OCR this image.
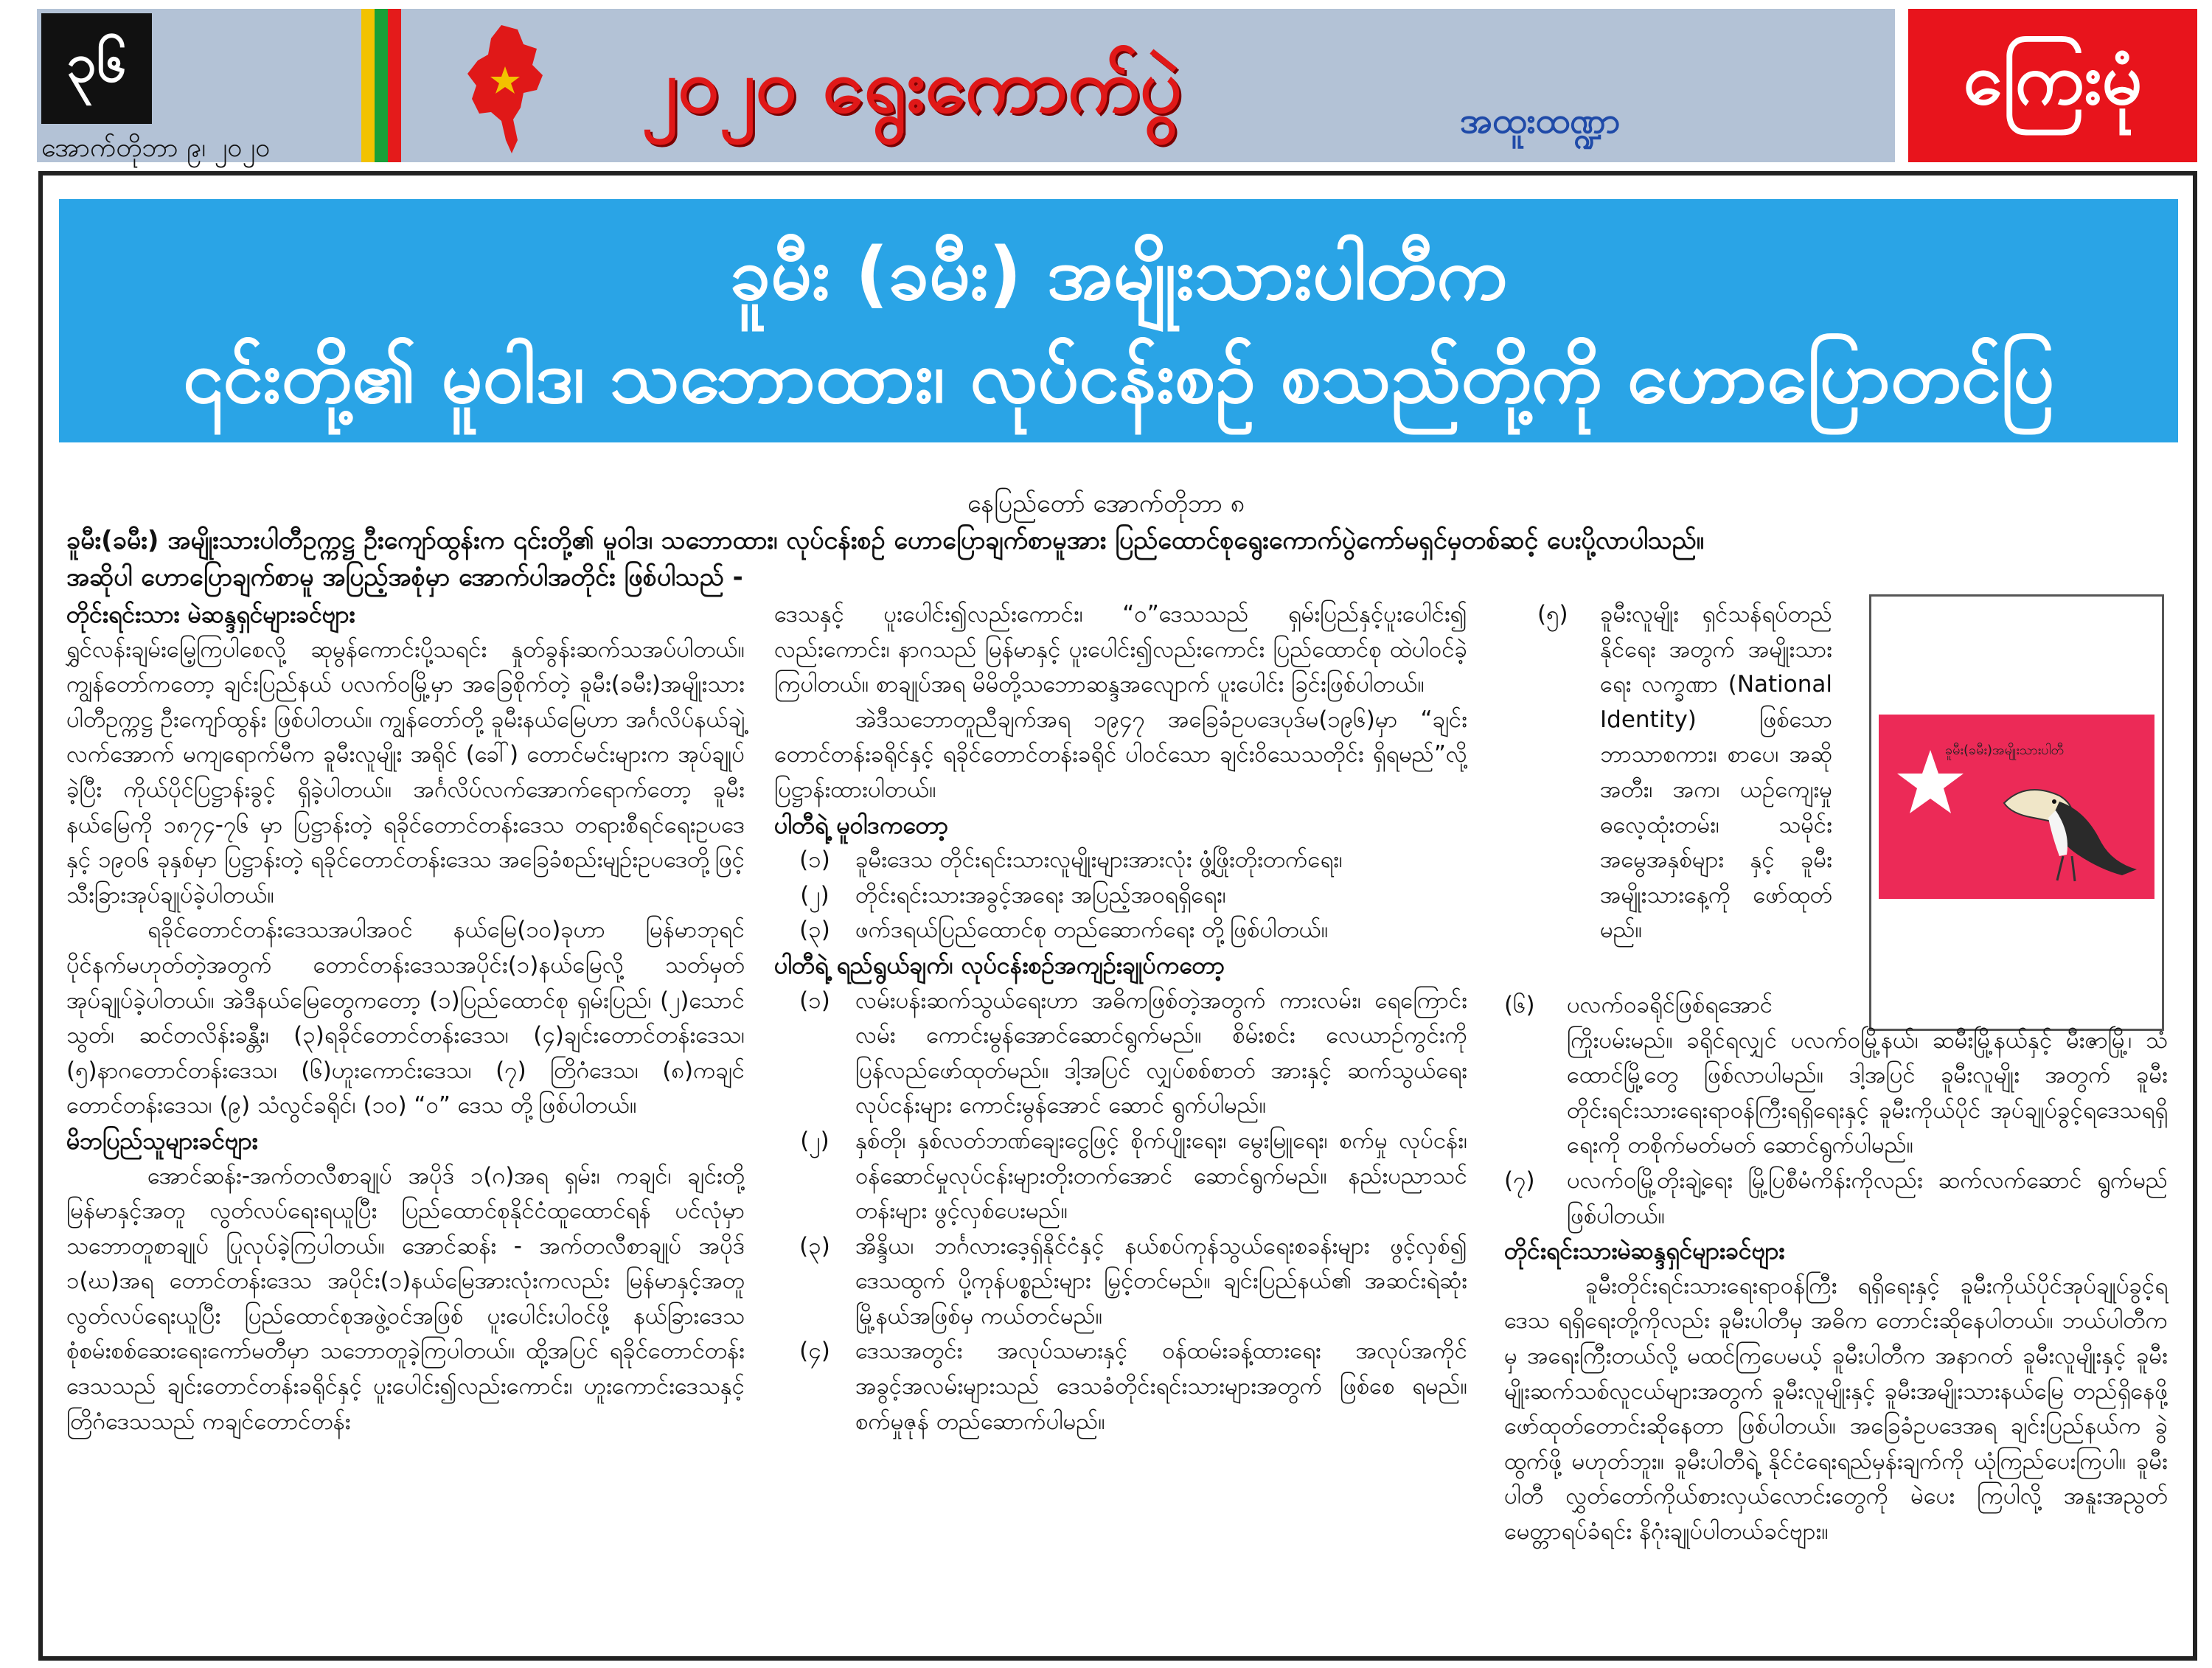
၃၆
အောက်တိုဘာ ၉၊ ၂၀၂၀
၂၀၂၀ ရွေးကောက်ပွဲ	အထူးထဏ္ဍာ
ကြေးမုံ
ခူမီး (ခမီး) အမျိုးသားပါတီက
၎င်းတို့၏ မူဝါဒ၊ သဘောထား၊ လုပ်ငန်းစဉ် စသည်တို့ကို ဟောပြောတင်ပြ
နေပြည်တော် အောက်တိုဘာ ၈
ခူမီး(ခမီး) အမျိုးသားပါတီဥက္ကဋ္ဌ ဦးကျော်ထွန်းက ၎င်းတို့၏ မူဝါဒ၊ သဘောထား၊ လုပ်ငန်းစဉ် ဟောပြောချက်စာမူအား ပြည်ထောင်စုရွေးကောက်ပွဲကော်မရှင်မှတစ်ဆင့် ပေးပို့လာပါသည်။
အဆိုပါ ဟောပြောချက်စာမူ အပြည့်အစုံမှာ အောက်ပါအတိုင်း ဖြစ်ပါသည် -
တိုင်းရင်းသား မဲဆန္ဒရှင်များခင်ဗျား

ရွှင်လန်းချမ်းမြေ့ကြပါစေလို့ ဆုမွန်ကောင်းပို့သရင်း နှုတ်ခွန်းဆက်သအပ်ပါတယ်။ ကျွန်တော်ကတော့ ချင်းပြည်နယ် ပလက်ဝမြို့မှာ အခြေစိုက်တဲ့ ခူမီး(ခမီး)အမျိုးသားပါတီဥက္ကဋ္ဌ ဦးကျော်ထွန်း ဖြစ်ပါတယ်။ ကျွန်တော်တို့ ခူမီးနယ်မြေဟာ အင်္ဂလိပ်နယ်ချဲ့လက်အောက် မကျရောက်မီက ခူမီးလူမျိုး အရိုင် (ခေါ်) တောင်မင်းများက အုပ်ချုပ်ခဲ့ပြီး ကိုယ်ပိုင်ပြဋ္ဌာန်းခွင့် ရှိခဲ့ပါတယ်။ အင်္ဂလိပ်လက်အောက်ရောက်တော့ ခူမီးနယ်မြေကို ၁၈၇၄-၇၆ မှာ ပြဋ္ဌာန်းတဲ့ ရခိုင်တောင်တန်းဒေသ တရားစီရင်ရေးဥပဒေနှင့် ၁၉၀၆ ခုနှစ်မှာ ပြဋ္ဌာန်းတဲ့ ရခိုင်တောင်တန်းဒေသ အခြေခံစည်းမျဉ်းဥပဒေတို့ဖြင့် သီးခြားအုပ်ချုပ်ခဲ့ပါတယ်။

ရခိုင်တောင်တန်းဒေသအပါအဝင် နယ်မြေ(၁၀)ခုဟာ မြန်မာဘုရင် ပိုင်နက်မဟုတ်တဲ့အတွက် တောင်တန်းဒေသအပိုင်း(၁)နယ်မြေလို့ သတ်မှတ် အုပ်ချုပ်ခဲ့ပါတယ်။ အဲဒီနယ်မြေတွေကတော့ (၁)ပြည်ထောင်စု ရှမ်းပြည်၊ (၂)သောင်သွတ်၊ ဆင်တလိန်းခန္တီး၊ (၃)ရခိုင်တောင်တန်းဒေသ၊ (၄)ချင်းတောင်တန်းဒေသ၊ (၅)နာဂတောင်တန်းဒေသ၊ (၆)ဟူးကောင်းဒေသ၊ (၇) တြိဂံဒေသ၊ (၈)ကချင်တောင်တန်းဒေသ၊ (၉) သံလွင်ခရိုင်၊ (၁၀) “ဝ” ဒေသ တို့ဖြစ်ပါတယ်။

မိဘပြည်သူများခင်ဗျား

အောင်ဆန်း-အက်တလီစာချုပ် အပိုဒ် ၁(ဂ)အရ ရှမ်း၊ ကချင်၊ ချင်းတို့ မြန်မာနှင့်အတူ လွတ်လပ်ရေးရယူပြီး ပြည်ထောင်စုနိုင်ငံထူထောင်ရန် ပင်လုံမှာ သဘောတူစာချုပ် ပြုလုပ်ခဲ့ကြပါတယ်။ အောင်ဆန်း - အက်တလီစာချုပ် အပိုဒ် ၁(ဃ)အရ တောင်တန်းဒေသ အပိုင်း(၁)နယ်မြေအားလုံးကလည်း မြန်မာနှင့်အတူ လွတ်လပ်ရေးယူပြီး ပြည်ထောင်စုအဖွဲ့ဝင်အဖြစ် ပူးပေါင်းပါဝင်ဖို့ နယ်ခြားဒေသ စုံစမ်းစစ်ဆေးရေးကော်မတီမှာ သဘောတူခဲ့ကြပါတယ်။ ထို့အပြင် ရခိုင်တောင်တန်းဒေသသည် ချင်းတောင်တန်းခရိုင်နှင့် ပူးပေါင်း၍လည်းကောင်း၊ ဟူးကောင်းဒေသနှင့် တြိဂံဒေသသည် ကချင်တောင်တန်း

ဒေသနှင့် ပူးပေါင်း၍လည်းကောင်း၊ “ဝ”ဒေသသည် ရှမ်းပြည်နှင့်ပူးပေါင်း၍ လည်းကောင်း၊ နာဂသည် မြန်မာနှင့် ပူးပေါင်း၍လည်းကောင်း ပြည်ထောင်စု ထဲပါဝင်ခဲ့ကြပါတယ်။ စာချုပ်အရ မိမိတို့သဘောဆန္ဒအလျောက် ပူးပေါင်း ခြင်းဖြစ်ပါတယ်။

အဲဒီသဘောတူညီချက်အရ ၁၉၄၇ အခြေခံဥပဒေပုဒ်မ(၁၉၆)မှာ “ချင်း တောင်တန်းခရိုင်နှင့် ရခိုင်တောင်တန်းခရိုင် ပါဝင်သော ချင်းဝိသေသတိုင်း ရှိရမည်”လို့ ပြဋ္ဌာန်းထားပါတယ်။

ပါတီရဲ့ မူဝါဒကတော့
(၁)	ခူမီးဒေသ တိုင်းရင်းသားလူမျိုးများအားလုံး ဖွံ့ဖြိုးတိုးတက်ရေး၊
(၂)	တိုင်းရင်းသားအခွင့်အရေး အပြည့်အဝရရှိရေး၊
(၃)	ဖက်ဒရယ်ပြည်ထောင်စု တည်ဆောက်ရေး တို့ဖြစ်ပါတယ်။
ပါတီရဲ့ ရည်ရွယ်ချက်၊ လုပ်ငန်းစဉ်အကျဉ်းချုပ်ကတော့
(၁)	လမ်းပန်းဆက်သွယ်ရေးဟာ အဓိကဖြစ်တဲ့အတွက် ကားလမ်း၊ ရေကြောင်းလမ်း ကောင်းမွန်အောင်ဆောင်ရွက်မည်။ စိမ်းစင်း လေယာဉ်ကွင်းကို ပြန်လည်ဖော်ထုတ်မည်။ ဒါ့အပြင် လျှပ်စစ်စာတ် အားနှင့် ဆက်သွယ်ရေးလုပ်ငန်းများ ကောင်းမွန်အောင် ဆောင် ရွက်ပါမည်။
(၂)	နှစ်တို၊ နှစ်လတ်ဘဏ်ချေးငွေဖြင့် စိုက်ပျိုးရေး၊ မွေးမြူရေး၊ စက်မှု လုပ်ငန်း၊ ဝန်ဆောင်မှုလုပ်ငန်းများတိုးတက်အောင် ဆောင်ရွက်မည်။ နည်းပညာသင်တန်းများ ဖွင့်လှစ်ပေးမည်။
(၃)	အိန္ဒိယ၊ ဘင်္ဂလားဒေ့ရှ်နိုင်ငံနှင့် နယ်စပ်ကုန်သွယ်ရေးစခန်းများ ဖွင့်လှစ်၍ ဒေသထွက် ပို့ကုန်ပစ္စည်းများ မြှင့်တင်မည်။ ချင်းပြည်နယ်၏ အဆင်းရဲဆုံးမြို့နယ်အဖြစ်မှ ကယ်တင်မည်။
(၄)	ဒေသအတွင်း အလုပ်သမားနှင့် ဝန်ထမ်းခန့်ထားရေး အလုပ်အကိုင် အခွင့်အလမ်းများသည် ဒေသခံတိုင်းရင်းသားများအတွက် ဖြစ်စေ ရမည်။ စက်မှုဇုန် တည်ဆောက်ပါမည်။
(၅)	ခူမီးလူမျိုး ရှင်သန်ရပ်တည်နိုင်ရေး အတွက် အမျိုးသားရေး လက္ခဏာ (National Identity) ဖြစ်သော ဘာသာစကား၊ စာပေ၊ အဆိုအတီး၊ အက၊ ယဉ်ကျေးမှုဓလေ့ထုံးတမ်း၊ သမိုင်း အမွေအနှစ်များ နှင့် ခူမီးအမျိုးသားနေ့ကို ဖော်ထုတ်မည်။
ခူမီး(ခမီး)အမျိုးသားပါတီ
(၆)	ပလက်ဝခရိုင်ဖြစ်ရအောင်
ကြိုးပမ်းမည်။ ခရိုင်ရလျှင် ပလက်ဝမြို့နယ်၊ ဆမီးမြို့နယ်နှင့် မီးဇာမြို့၊ သံထောင်မြို့တွေ ဖြစ်လာပါမည်။ ဒါ့အပြင် ခူမီးလူမျိုး အတွက် ခူမီးတိုင်းရင်းသားရေးရာဝန်ကြီးရရှိရေးနှင့် ခူမီးကိုယ်ပိုင် အုပ်ချုပ်ခွင့်ရဒေသရရှိရေးကို တစိုက်မတ်မတ် ဆောင်ရွက်ပါမည်။
(၇)	ပလက်ဝမြို့တိုးချဲ့ရေး မြို့ပြစီမံကိန်းကိုလည်း ဆက်လက်ဆောင် ရွက်မည်ဖြစ်ပါတယ်။
တိုင်းရင်းသားမဲဆန္ဒရှင်များခင်ဗျား

ခူမီးတိုင်းရင်းသားရေးရာဝန်ကြီး ရရှိရေးနှင့် ခူမီးကိုယ်ပိုင်အုပ်ချုပ်ခွင့်ရဒေသ ရရှိရေးတို့ကိုလည်း ခူမီးပါတီမှ အဓိက တောင်းဆိုနေပါတယ်။ ဘယ်ပါတီကမှ အရေးကြီးတယ်လို့ မထင်ကြပေမယ့် ခူမီးပါတီက အနာဂတ် ခူမီးလူမျိုးနှင့် ခူမီးမျိုးဆက်သစ်လူငယ်များအတွက် ခူမီးလူမျိုးနှင့် ခူမီးအမျိုးသားနယ်မြေ တည်ရှိနေဖို့ ဖော်ထုတ်တောင်းဆိုနေတာ ဖြစ်ပါတယ်။ အခြေခံဥပဒေအရ ချင်းပြည်နယ်က ခွဲထွက်ဖို့ မဟုတ်ဘူး။ ခူမီးပါတီရဲ့ နိုင်ငံရေးရည်မှန်းချက်ကို ယုံကြည်ပေးကြပါ။ ခူမီးပါတီ လွှတ်တော်ကိုယ်စားလှယ်လောင်းတွေကို မဲပေး ကြပါလို့ အနူးအညွတ် မေတ္တာရပ်ခံရင်း နိဂုံးချုပ်ပါတယ်ခင်ဗျား။
